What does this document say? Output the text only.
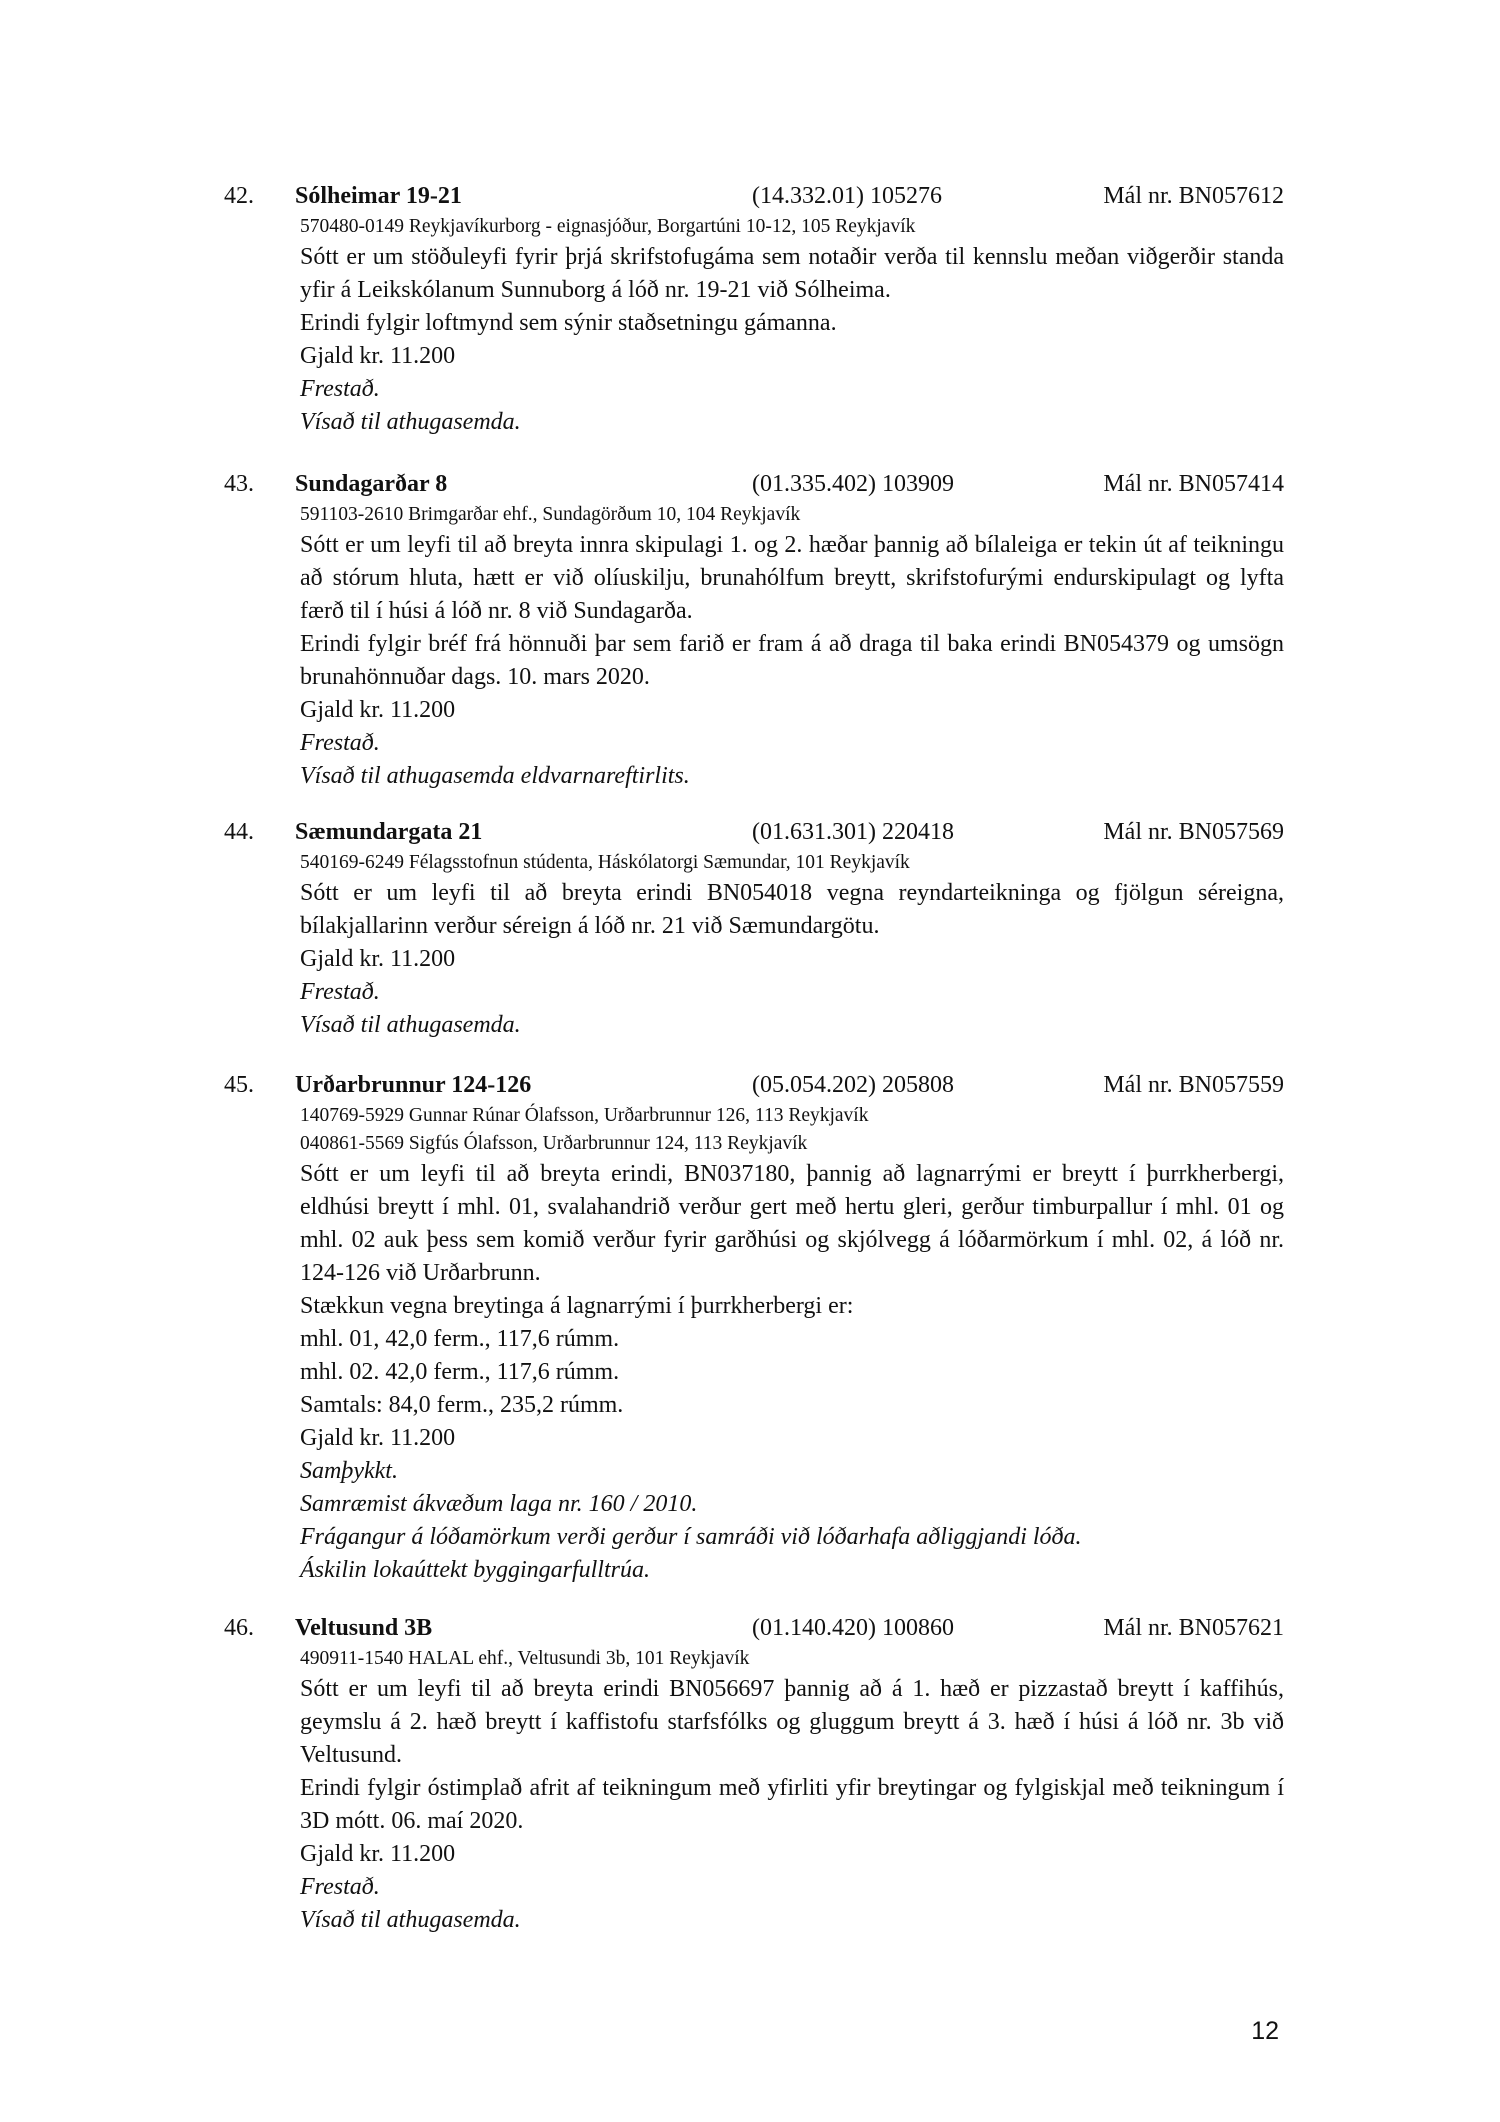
42. Sólheimar 19-21	(14.332.01) 105276	Mál nr. BN057612
570480-0149 Reykjavíkurborg - eignasjóður, Borgartúni 10-12, 105 Reykjavík

Sótt er um stöðuleyfi fyrir þrjá skrifstofugáma sem notaðir verða til kennslu meðan viðgerðir standa yfir á Leikskólanum Sunnuborg á lóð nr. 19-21 við Sólheima.

Erindi fylgir loftmynd sem sýnir staðsetningu gámanna.

Gjald kr. 11.200
Frestað.
Vísað til athugasemda.
43. Sundagarðar 8	(01.335.402) 103909	Mál nr. BN057414
591103-2610 Brimgarðar ehf., Sundagörðum 10, 104 Reykjavík

Sótt er um leyfi til að breyta innra skipulagi 1. og 2. hæðar þannig að bílaleiga er tekin út af teikningu að stórum hluta, hætt er við olíuskilju, brunahólfum breytt, skrifstofurými endurskipulagt og lyfta færð til í húsi á lóð nr. 8 við Sundagarða.

Erindi fylgir bréf frá hönnuði þar sem farið er fram á að draga til baka erindi BN054379 og umsögn brunahönnuðar dags. 10. mars 2020.

Gjald kr. 11.200
Frestað.
Vísað til athugasemda eldvarnareftirlits.
44. Sæmundargata 21	(01.631.301) 220418	Mál nr. BN057569
540169-6249 Félagsstofnun stúdenta, Háskólatorgi Sæmundar, 101 Reykjavík

Sótt er um leyfi til að breyta erindi BN054018 vegna reyndarteikninga og fjölgun séreigna, bílakjallarinn verður séreign á lóð nr. 21 við Sæmundargötu.

Gjald kr. 11.200
Frestað.
Vísað til athugasemda.
45. Urðarbrunnur 124-126	(05.054.202) 205808	Mál nr. BN057559
140769-5929 Gunnar Rúnar Ólafsson, Urðarbrunnur 126, 113 Reykjavík
040861-5569 Sigfús Ólafsson, Urðarbrunnur 124, 113 Reykjavík

Sótt er um leyfi til að breyta erindi, BN037180, þannig að lagnarrými er breytt í þurrkherbergi, eldhúsi breytt í mhl. 01, svalahandrið verður gert með hertu gleri, gerður timburpallur í mhl. 01 og mhl. 02 auk þess sem komið verður fyrir garðhúsi og skjólvegg á lóðarmörkum í mhl. 02, á lóð nr. 124-126 við Urðarbrunn.

Stækkun vegna breytinga á lagnarrými í þurrkherbergi er:
mhl. 01, 42,0 ferm., 117,6 rúmm.
mhl. 02. 42,0 ferm., 117,6 rúmm.
Samtals: 84,0 ferm., 235,2 rúmm.
Gjald kr. 11.200
Samþykkt.

Samræmist ákvæðum laga nr. 160 / 2010.

Frágangur á lóðamörkum verði gerður í samráði við lóðarhafa aðliggjandi lóða.

Áskilin lokaúttekt byggingarfulltrúa.

46. Veltusund 3B	(01.140.420) 100860	Mál nr. BN057621
490911-1540 HALAL ehf., Veltusundi 3b, 101 Reykjavík

Sótt er um leyfi til að breyta erindi BN056697 þannig að á 1. hæð er pizzastað breytt í kaffihús, geymslu á 2. hæð breytt í kaffistofu starfsfólks og gluggum breytt á 3. hæð í húsi á lóð nr. 3b við Veltusund.

Erindi fylgir óstimplað afrit af teikningum með yfirliti yfir breytingar og fylgiskjal með teikningum í 3D mótt. 06. maí 2020.

Gjald kr. 11.200
Frestað.
Vísað til athugasemda.
12
